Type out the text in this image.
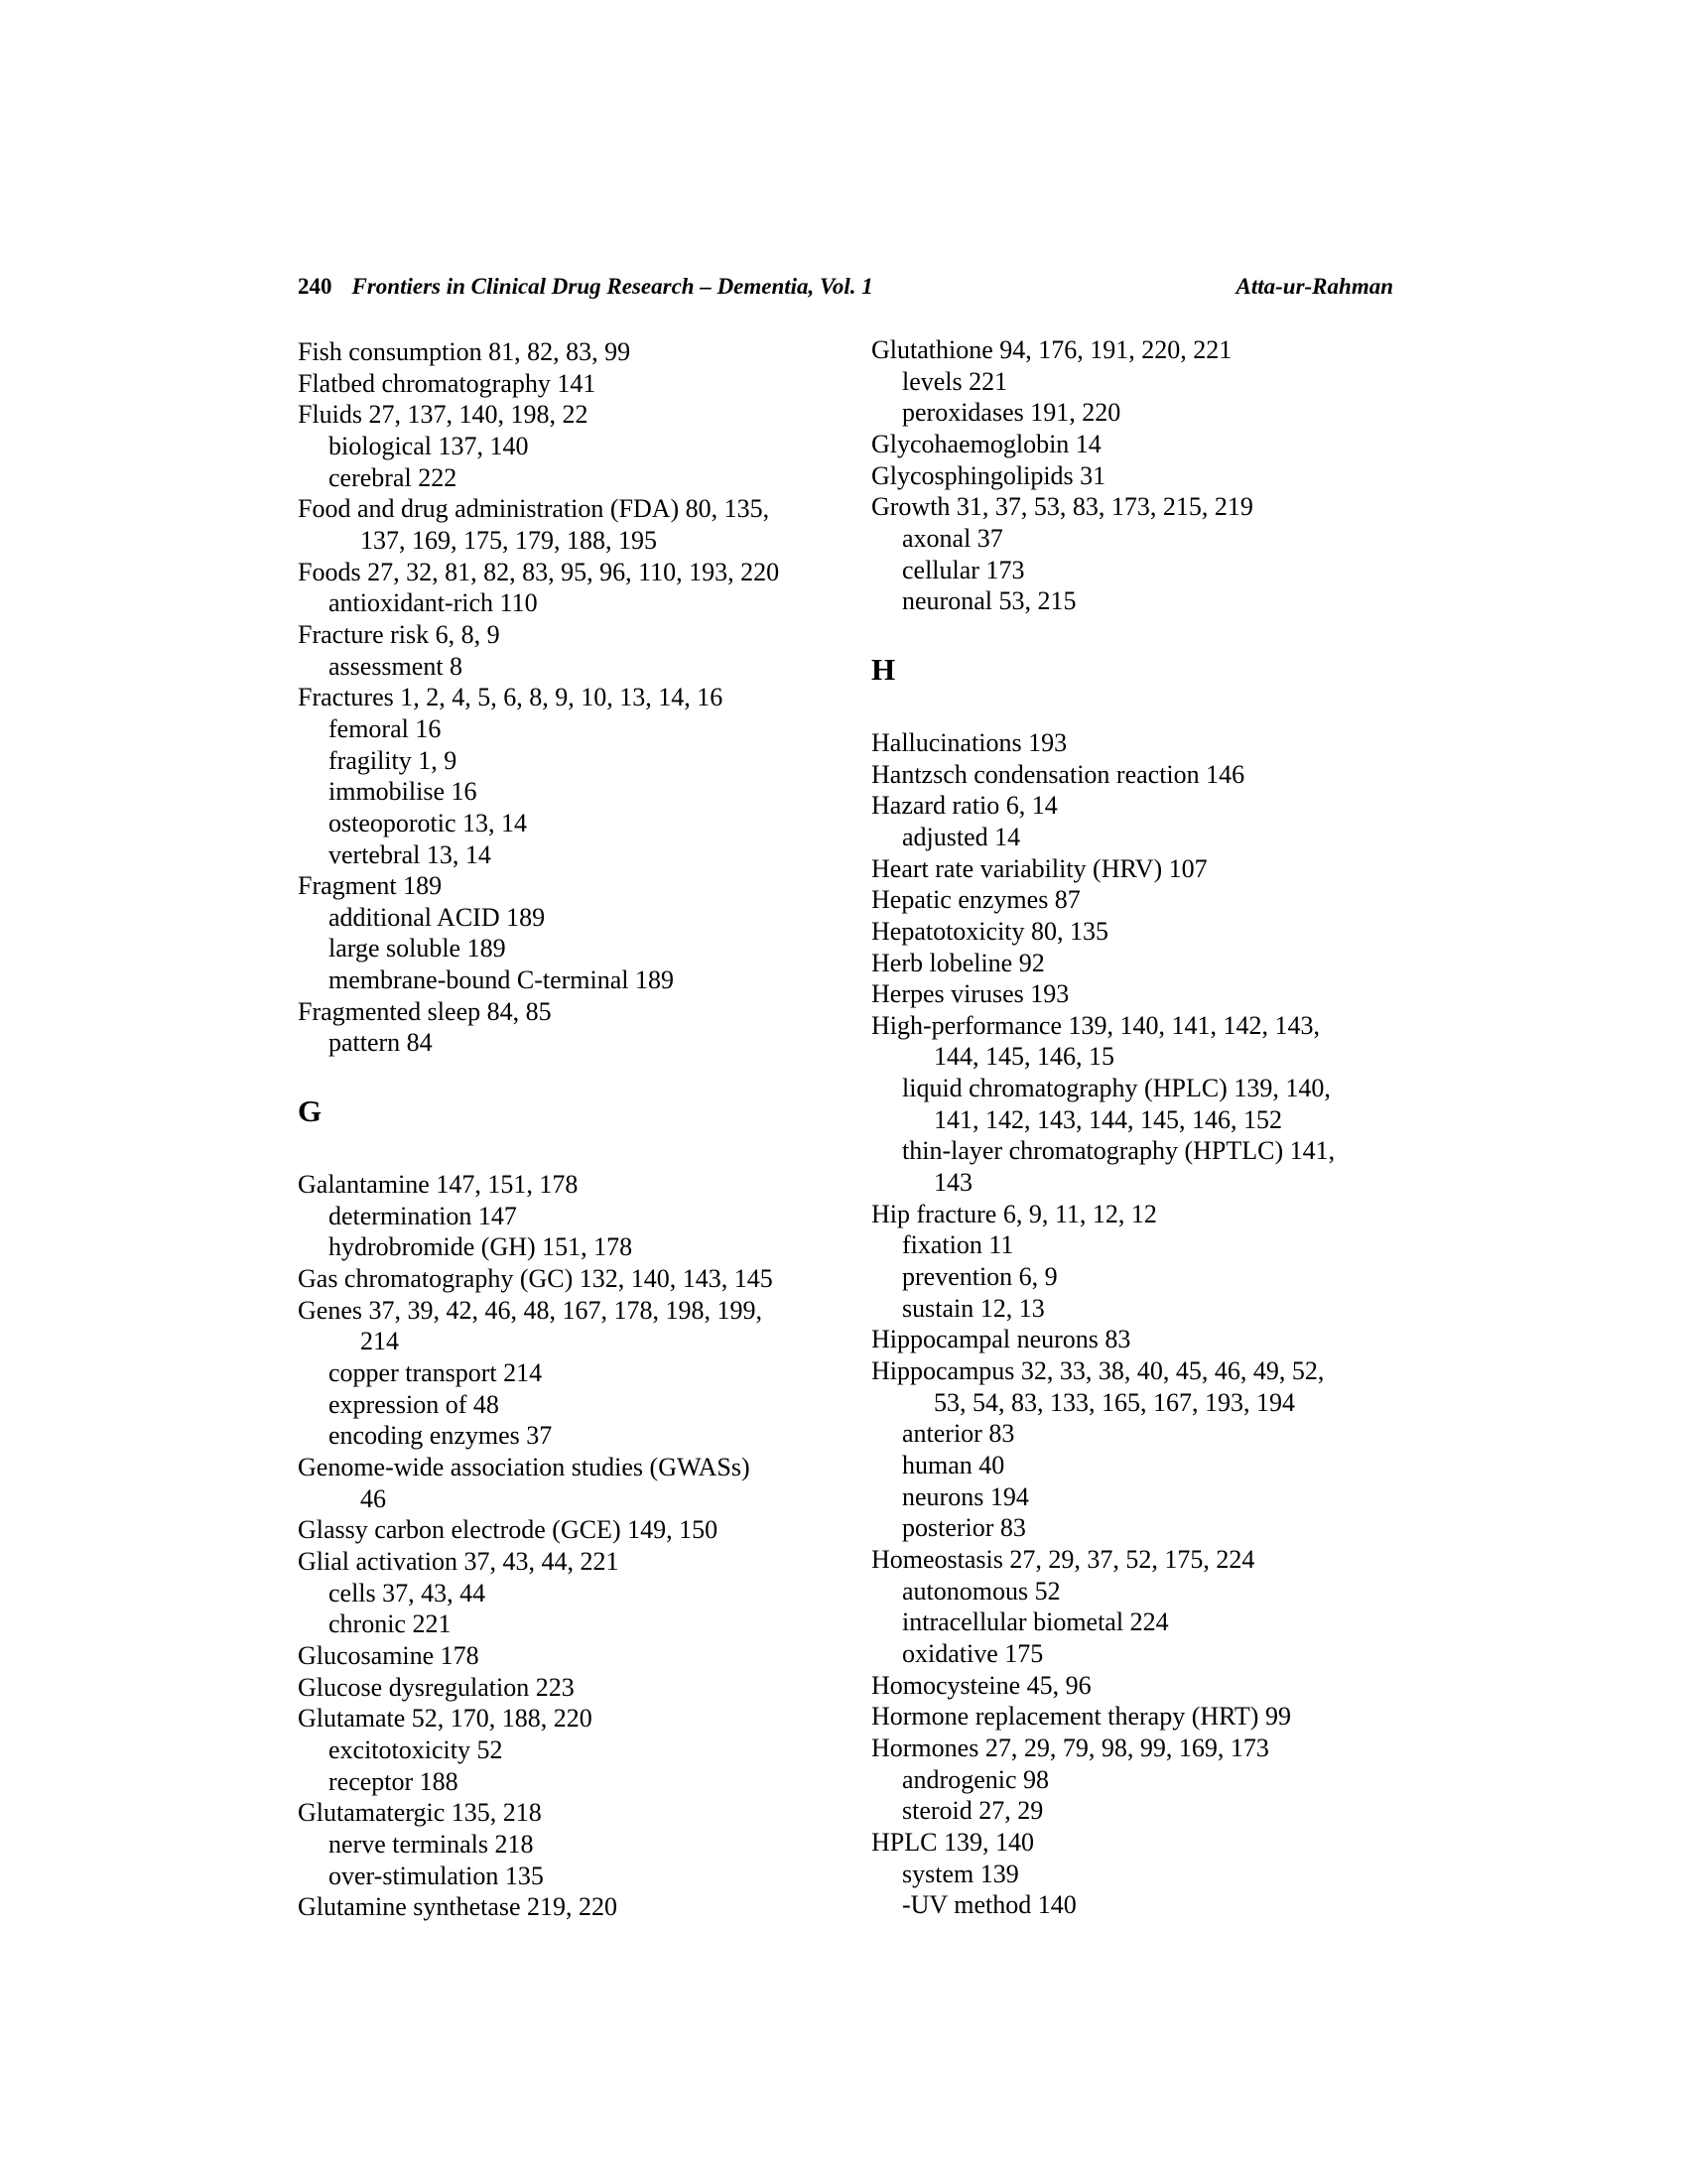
240 Frontiers in Clinical Drug Research – Dementia, Vol. 1	Atta-ur-Rahman
Fish consumption 81, 82, 83, 99
Flatbed chromatography 141
Fluids 27, 137, 140, 198, 22
biological 137, 140
cerebral 222
Food and drug administration (FDA) 80, 135,
137, 169, 175, 179, 188, 195
Foods 27, 32, 81, 82, 83, 95, 96, 110, 193, 220
antioxidant-rich 110
Fracture risk 6, 8, 9
assessment 8
Fractures 1, 2, 4, 5, 6, 8, 9, 10, 13, 14, 16
femoral 16
fragility 1, 9
immobilise 16
osteoporotic 13, 14
vertebral 13, 14
Fragment 189
additional ACID 189
large soluble 189
membrane-bound C-terminal 189
Fragmented sleep 84, 85
pattern 84
G
Galantamine 147, 151, 178
determination 147
hydrobromide (GH) 151, 178
Gas chromatography (GC) 132, 140, 143, 145
Genes 37, 39, 42, 46, 48, 167, 178, 198, 199,
214
copper transport 214
expression of 48
encoding enzymes 37
Genome-wide association studies (GWASs)
46
Glassy carbon electrode (GCE) 149, 150
Glial activation 37, 43, 44, 221
cells 37, 43, 44
chronic 221
Glucosamine 178
Glucose dysregulation 223
Glutamate 52, 170, 188, 220
excitotoxicity 52
receptor 188
Glutamatergic 135, 218
nerve terminals 218
over-stimulation 135
Glutamine synthetase 219, 220
Glutathione 94, 176, 191, 220, 221
levels 221
peroxidases 191, 220
Glycohaemoglobin 14
Glycosphingolipids 31
Growth 31, 37, 53, 83, 173, 215, 219
axonal 37
cellular 173
neuronal 53, 215
H
Hallucinations 193
Hantzsch condensation reaction 146
Hazard ratio 6, 14
adjusted 14
Heart rate variability (HRV) 107
Hepatic enzymes 87
Hepatotoxicity 80, 135
Herb lobeline 92
Herpes viruses 193
High-performance 139, 140, 141, 142, 143,
144, 145, 146, 15
liquid chromatography (HPLC) 139, 140,
141, 142, 143, 144, 145, 146, 152
thin-layer chromatography (HPTLC) 141,
143
Hip fracture 6, 9, 11, 12, 12
fixation 11
prevention 6, 9
sustain 12, 13
Hippocampal neurons 83
Hippocampus 32, 33, 38, 40, 45, 46, 49, 52,
53, 54, 83, 133, 165, 167, 193, 194
anterior 83
human 40
neurons 194
posterior 83
Homeostasis 27, 29, 37, 52, 175, 224
autonomous 52
intracellular biometal 224
oxidative 175
Homocysteine 45, 96
Hormone replacement therapy (HRT) 99
Hormones 27, 29, 79, 98, 99, 169, 173
androgenic 98
steroid 27, 29
HPLC 139, 140
system 139
-UV method 140
